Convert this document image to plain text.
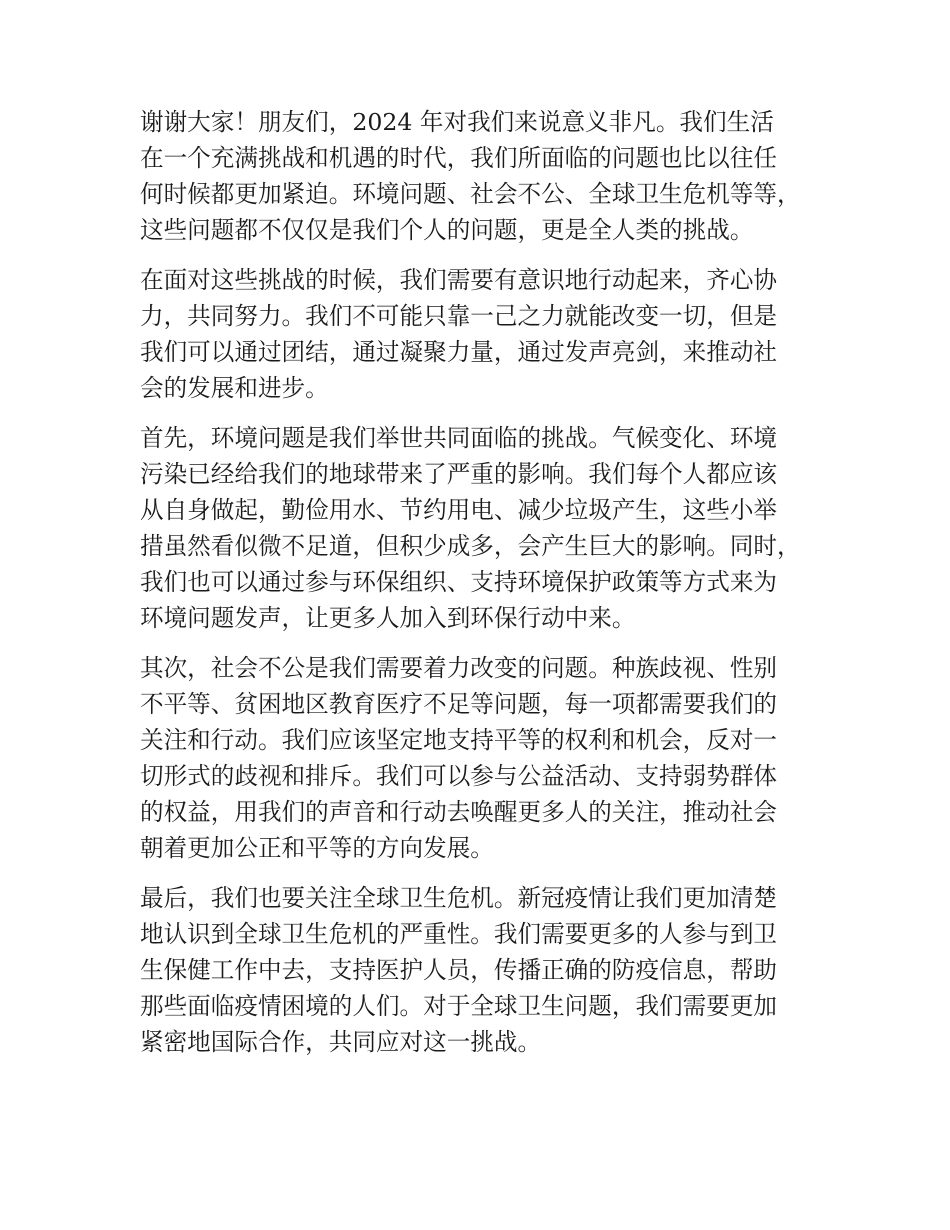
谢谢大家！朋友们，2024 年对我们来说意义非凡。我们生活
在一个充满挑战和机遇的时代，我们所面临的问题也比以往任
何时候都更加紧迫。环境问题、社会不公、全球卫生危机等等，
这些问题都不仅仅是我们个人的问题，更是全人类的挑战。

在面对这些挑战的时候，我们需要有意识地行动起来，齐心协
力，共同努力。我们不可能只靠一己之力就能改变一切，但是
我们可以通过团结，通过凝聚力量，通过发声亮剑，来推动社
会的发展和进步。

首先，环境问题是我们举世共同面临的挑战。气候变化、环境
污染已经给我们的地球带来了严重的影响。我们每个人都应该
从自身做起，勤俭用水、节约用电、减少垃圾产生，这些小举
措虽然看似微不足道，但积少成多，会产生巨大的影响。同时，
我们也可以通过参与环保组织、支持环境保护政策等方式来为
环境问题发声，让更多人加入到环保行动中来。

其次，社会不公是我们需要着力改变的问题。种族歧视、性别
不平等、贫困地区教育医疗不足等问题，每一项都需要我们的
关注和行动。我们应该坚定地支持平等的权利和机会，反对一
切形式的歧视和排斥。我们可以参与公益活动、支持弱势群体
的权益，用我们的声音和行动去唤醒更多人的关注，推动社会
朝着更加公正和平等的方向发展。

最后，我们也要关注全球卫生危机。新冠疫情让我们更加清楚
地认识到全球卫生危机的严重性。我们需要更多的人参与到卫
生保健工作中去，支持医护人员，传播正确的防疫信息，帮助
那些面临疫情困境的人们。对于全球卫生问题，我们需要更加
紧密地国际合作，共同应对这一挑战。
